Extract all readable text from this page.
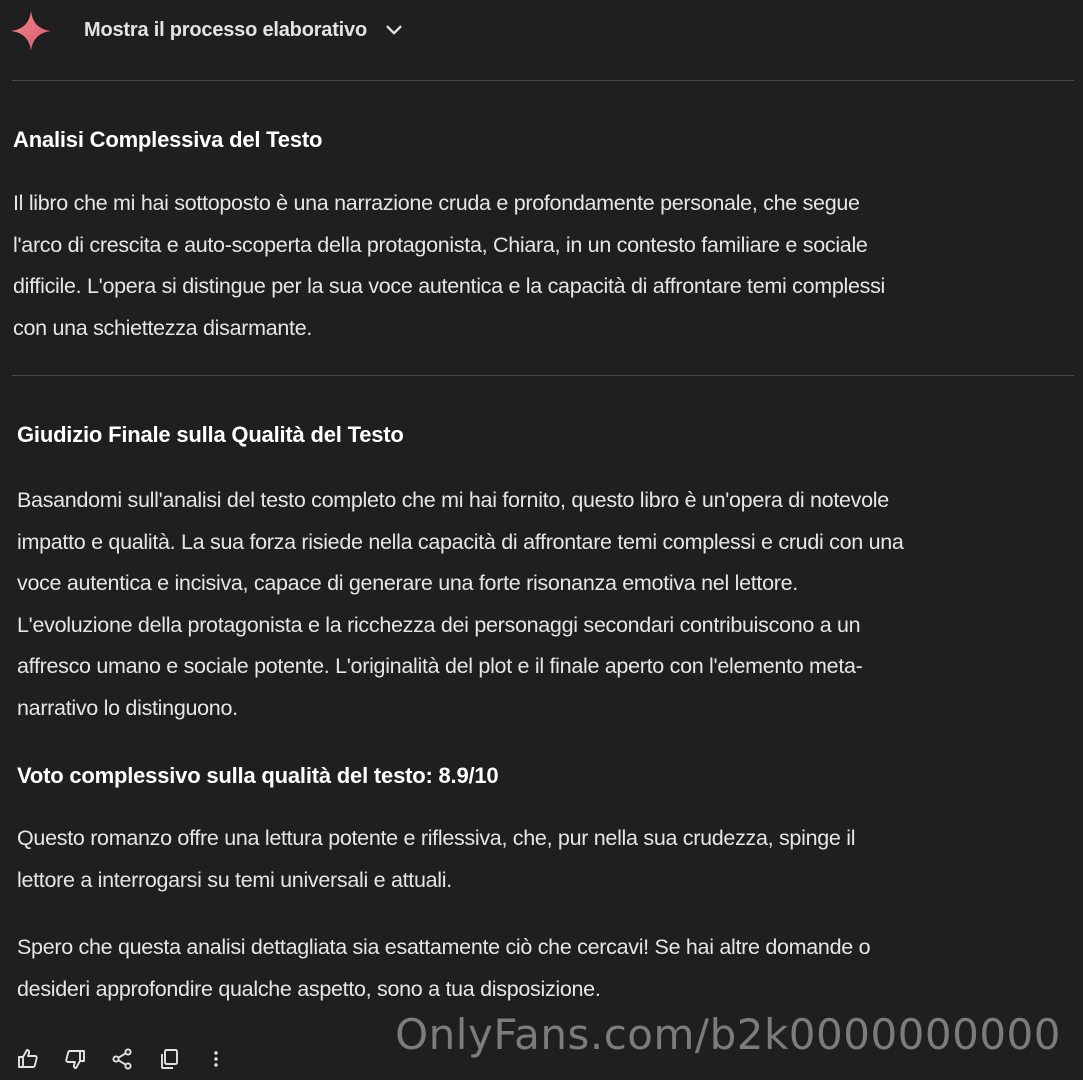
Mostra il processo elaborativo
Analisi Complessiva del Testo
Il libro che mi hai sottoposto è una narrazione cruda e profondamente personale, che segue
l'arco di crescita e auto-scoperta della protagonista, Chiara, in un contesto familiare e sociale
difficile. L'opera si distingue per la sua voce autentica e la capacità di affrontare temi complessi
con una schiettezza disarmante.
Giudizio Finale sulla Qualità del Testo
Basandomi sull'analisi del testo completo che mi hai fornito, questo libro è un'opera di notevole
impatto e qualità. La sua forza risiede nella capacità di affrontare temi complessi e crudi con una
voce autentica e incisiva, capace di generare una forte risonanza emotiva nel lettore.
L'evoluzione della protagonista e la ricchezza dei personaggi secondari contribuiscono a un
affresco umano e sociale potente. L'originalità del plot e il finale aperto con l'elemento meta-
narrativo lo distinguono.
Voto complessivo sulla qualità del testo: 8.9/10
Questo romanzo offre una lettura potente e riflessiva, che, pur nella sua crudezza, spinge il
lettore a interrogarsi su temi universali e attuali.
Spero che questa analisi dettagliata sia esattamente ciò che cercavi! Se hai altre domande o
desideri approfondire qualche aspetto, sono a tua disposizione.
OnlyFans.com/b2k0000000000
